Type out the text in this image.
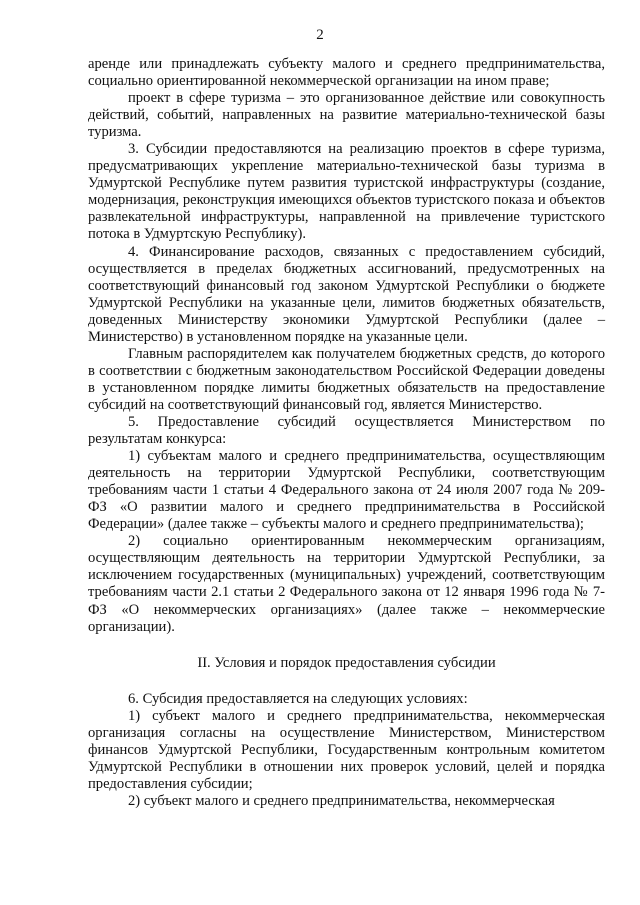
2

аренде или принадлежать субъекту малого и среднего предпринимательства, социально ориентированной некоммерческой организации на ином праве;

проект в сфере туризма – это организованное действие или совокупность действий, событий, направленных на развитие материально-технической базы туризма.

3. Субсидии предоставляются на реализацию проектов в сфере туризма, предусматривающих укрепление материально-технической базы туризма в Удмуртской Республике путем развития туристской инфраструктуры (создание, модернизация, реконструкция имеющихся объектов туристского показа и объектов развлекательной инфраструктуры, направленной на привлечение туристского потока в Удмуртскую Республику).

4. Финансирование расходов, связанных с предоставлением субсидий, осуществляется в пределах бюджетных ассигнований, предусмотренных на соответствующий финансовый год законом Удмуртской Республики о бюджете Удмуртской Республики на указанные цели, лимитов бюджетных обязательств, доведенных Министерству экономики Удмуртской Республики (далее – Министерство) в установленном порядке на указанные цели.

Главным распорядителем как получателем бюджетных средств, до которого в соответствии с бюджетным законодательством Российской Федерации доведены в установленном порядке лимиты бюджетных обязательств на предоставление субсидий на соответствующий финансовый год, является Министерство.

5. Предоставление субсидий осуществляется Министерством по результатам конкурса:

1) субъектам малого и среднего предпринимательства, осуществляющим деятельность на территории Удмуртской Республики, соответствующим требованиям части 1 статьи 4 Федерального закона от 24 июля 2007 года № 209-ФЗ «О развитии малого и среднего предпринимательства в Российской Федерации» (далее также – субъекты малого и среднего предпринимательства);

2) социально ориентированным некоммерческим организациям, осуществляющим деятельность на территории Удмуртской Республики, за исключением государственных (муниципальных) учреждений, соответствующим требованиям части 2.1 статьи 2 Федерального закона от 12 января 1996 года № 7-ФЗ «О некоммерческих организациях» (далее также – некоммерческие организации).

II. Условия и порядок предоставления субсидии

6. Субсидия предоставляется на следующих условиях:

1) субъект малого и среднего предпринимательства, некоммерческая организация согласны на осуществление Министерством, Министерством финансов Удмуртской Республики, Государственным контрольным комитетом Удмуртской Республики в отношении них проверок условий, целей и порядка предоставления субсидии;

2) субъект малого и среднего предпринимательства, некоммерческая
